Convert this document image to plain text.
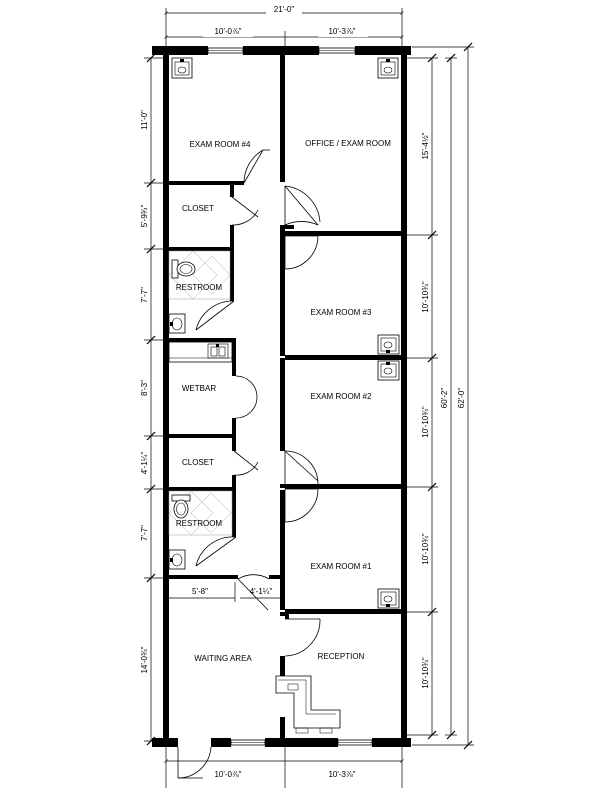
21'-0"
10'-0⅞"	10'-3⅞"
10'-0⅞"	10'-3⅞"
11'-0"
5'-9¾"
7'-7"
8'-3"
4'-1¼"
7'-7"
14'-0¾"
15'-4½"
10'-10¾"
10'-10¾"
10'-10¾"
10'-10¾"
60'-2" 62'-0"
5'-8"	4'-1¼"
EXAM ROOM #4	OFFICE / EXAM ROOM
CLOSET
RESTROOM
EXAM ROOM #3
WETBAR
EXAM ROOM #2
CLOSET
RESTROOM
EXAM ROOM #1
WAITING AREA	RECEPTION
